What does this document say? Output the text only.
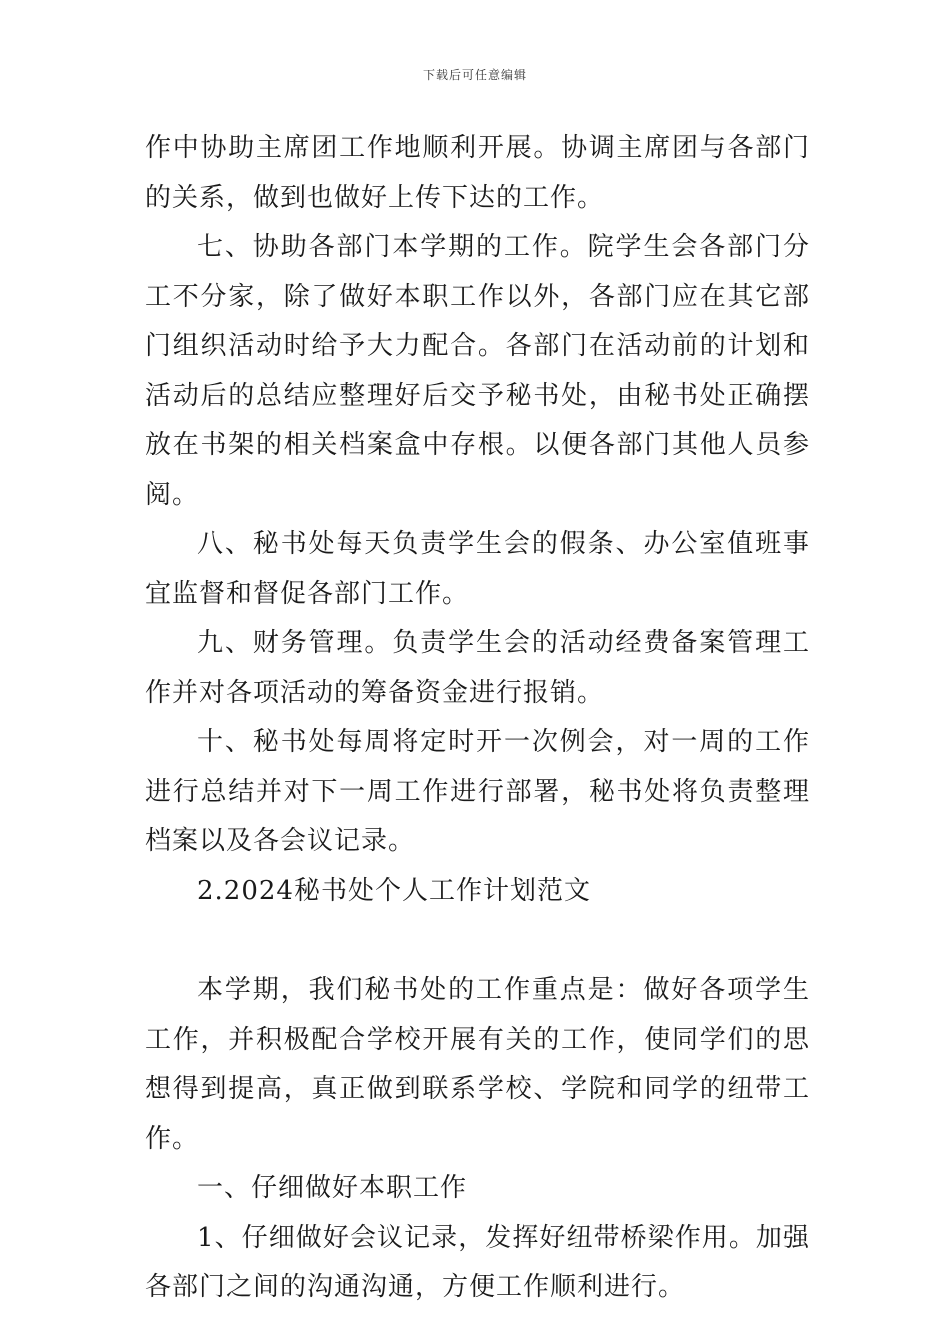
下载后可任意编辑

作中协助主席团工作地顺利开展。协调主席团与各部门的关系，做到也做好上传下达的工作。

七、协助各部门本学期的工作。院学生会各部门分工不分家，除了做好本职工作以外，各部门应在其它部门组织活动时给予大力配合。各部门在活动前的计划和活动后的总结应整理好后交予秘书处，由秘书处正确摆放在书架的相关档案盒中存根。以便各部门其他人员参阅。

八、秘书处每天负责学生会的假条、办公室值班事宜监督和督促各部门工作。

九、财务管理。负责学生会的活动经费备案管理工作并对各项活动的筹备资金进行报销。

十、秘书处每周将定时开一次例会，对一周的工作进行总结并对下一周工作进行部署，秘书处将负责整理档案以及各会议记录。

2.2024秘书处个人工作计划范文

本学期，我们秘书处的工作重点是：做好各项学生工作，并积极配合学校开展有关的工作，使同学们的思想得到提高，真正做到联系学校、学院和同学的纽带工作。

一、仔细做好本职工作

1、仔细做好会议记录，发挥好纽带桥梁作用。加强各部门之间的沟通沟通，方便工作顺利进行。
